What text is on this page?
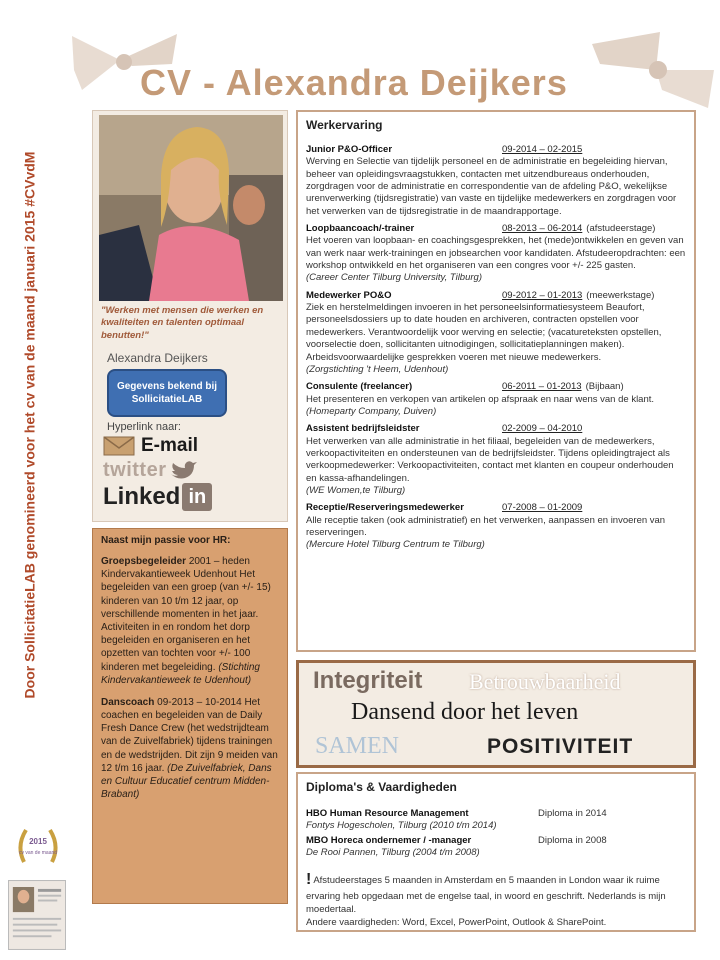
Door SollicitatieLAB genomineerd voor het cv van de maand januari 2015 #CVvdM
CV - Alexandra Deijkers
"Werken met mensen die werken en kwaliteiten en talenten optimaal benutten!"
Alexandra Deijkers
Gegevens bekend bij SollicitatieLAB
Hyperlink naar:
E-mail
twitter
Linked in
Naast mijn passie voor HR:

Groepsbegeleider 2001 – heden Kindervakantieweek Udenhout Het begeleiden van een groep (van +/- 15) kinderen van 10 t/m 12 jaar, op verschillende momenten in het jaar. Activiteiten in en rondom het dorp begeleiden en organiseren en het opzetten van tochten voor +/- 100 kinderen met begeleiding. (Stichting Kindervakantieweek te Udenhout)

Danscoach 09-2013 – 10-2014 Het coachen en begeleiden van de Daily Fresh Dance Crew (het wedstrijdteam van de Zuivelfabriek) tijdens trainingen en de wedstrijden. Dit zijn 9 meiden van 12 t/m 16 jaar. (De Zuivelfabriek, Dans en Cultuur Educatief centrum Midden-Brabant)

Werkervaring
Junior P&O-Officer	09-2014 – 02-2015
Werving en Selectie van tijdelijk personeel en de administratie en begeleiding hiervan, beheer van opleidingsvraagstukken, contacten met uitzendbureaus onderhouden, zorgdragen voor de administratie en correspondentie van de afdeling P&O, wekelijkse urenverwerking (tijdsregistratie) van vaste en tijdelijke medewerkers en zorgdragen voor het verwerken van de tijdsregistratie in de maandrapportage.
Loopbaancoach/-trainer	08-2013 – 06-2014 (afstudeerstage)
Het voeren van loopbaan- en coachingsgesprekken, het (mede)ontwikkelen en geven van van werk naar werk-trainingen en jobsearchen voor kandidaten. Afstudeeropdrachten: een workshop ontwikkeld en het organiseren van een congres voor +/- 225 gasten.
(Career Center Tilburg University, Tilburg)
Medewerker PO&O	09-2012 – 01-2013 (meewerkstage)
Ziek en herstelmeldingen invoeren in het personeelsinformatiesysteem Beaufort, personeelsdossiers up to date houden en archiveren, contracten opstellen voor medewerkers. Verantwoordelijk voor werving en selectie; (vacatureteksten opstellen, voorselectie doen, sollicitanten uitnodigingen, sollicitatieplanningen maken). Arbeidsvoorwaardelijke gesprekken voeren met nieuwe medewerkers.
(Zorgstichting 't Heem, Udenhout)
Consulente (freelancer)	06-2011 – 01-2013 (Bijbaan)
Het presenteren en verkopen van artikelen op afspraak en naar wens van de klant.
(Homeparty Company, Duiven)
Assistent bedrijfsleidster	02-2009 – 04-2010
Het verwerken van alle administratie in het filiaal, begeleiden van de medewerkers, verkoopactiviteiten en ondersteunen van de bedrijfsleidster. Tijdens opleidingtraject als verkoopmedewerker: Verkoopactiviteiten, contact met klanten en coupeur onderhouden en kassa-afhandelingen.
(WE Women,te Tilburg)
Receptie/Reserveringsmedewerker	07-2008 – 01-2009
Alle receptie taken (ook administratief) en het verwerken, aanpassen en invoeren van reserveringen.
(Mercure Hotel Tilburg Centrum te Tilburg)
Integriteit Betrouwbaarheid
Dansend door het leven
SAMEN	POSITIVITEIT
Diploma's & Vaardigheden
HBO Human Resource Management	Diploma in 2014
Fontys Hogescholen, Tilburg (2010 t/m 2014)
MBO Horeca ondernemer / -manager	Diploma in 2008
De Rooi Pannen, Tilburg (2004 t/m 2008)
! Afstudeerstages 5 maanden in Amsterdam en 5 maanden in London waar ik ruime ervaring heb opgedaan met de engelse taal, in woord en geschrift. Nederlands is mijn moedertaal.
Andere vaardigheden: Word, Excel, PowerPoint, Outlook & SharePoint.
2015
cv van de maand
